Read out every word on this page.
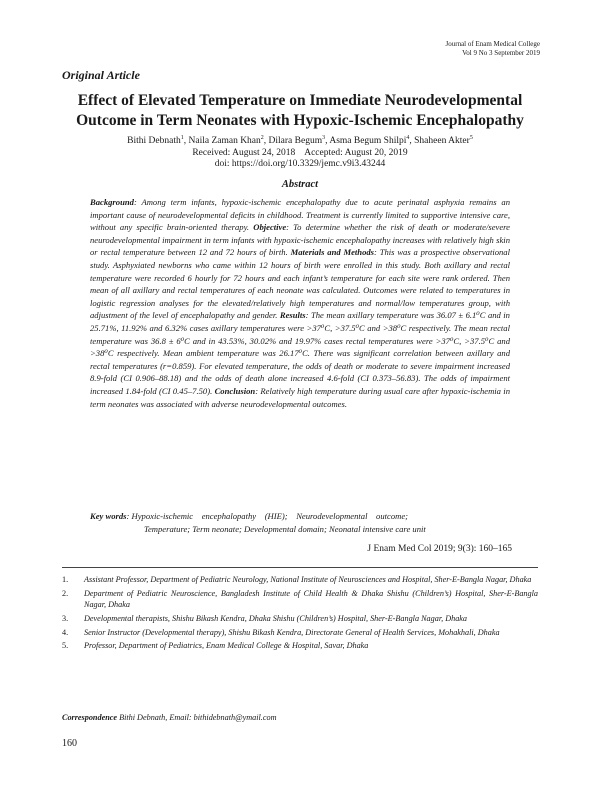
Journal of Enam Medical College
Vol 9 No 3 September 2019
Original Article
Effect of Elevated Temperature on Immediate Neurodevelopmental
Outcome in Term Neonates with Hypoxic-Ischemic Encephalopathy
Bithi Debnath$^1$, Naila Zaman Khan$^2$, Dilara Begum$^3$, Asma Begum Shilpi$^4$, Shaheen Akter$^5$
Received: August 24, 2018    Accepted: August 20, 2019
doi: https://doi.org/10.3329/jemc.v9i3.43244
Abstract

Background: Among term infants, hypoxic-ischemic encephalopathy due to acute perinatal asphyxia remains an important cause of neurodevelopmental deficits in childhood. Treatment is currently limited to supportive intensive care, without any specific brain-oriented therapy. Objective: To determine whether the risk of death or moderate/severe neurodevelopmental impairment in term infants with hypoxic-ischemic encephalopathy increases with relatively high skin or rectal temperature between 12 and 72 hours of birth. Materials and Methods: This was a prospective observational study. Asphyxiated newborns who came within 12 hours of birth were enrolled in this study. Both axillary and rectal temperature were recorded 6 hourly for 72 hours and each infant’s temperature for each site were rank ordered. Then mean of all axillary and rectal temperatures of each neonate was calculated. Outcomes were related to temperatures in logistic regression analyses for the elevated/relatively high temperatures and normal/low temperatures group, with adjustment of the level of encephalopathy and gender. Results: The mean axillary temperature was 36.07 ± 6.1⁰C and in 25.71%, 11.92% and 6.32% cases axillary temperatures were >37⁰C, >37.5⁰C and >38⁰C respectively. The mean rectal temperature was 36.8 ± 6⁰C and in 43.53%, 30.02% and 19.97% cases rectal temperatures were >37⁰C, >37.5⁰C and >38⁰C respectively. Mean ambient temperature was 26.17⁰C. There was significant correlation between axillary and rectal temperatures (r=0.859). For elevated temperature, the odds of death or moderate to severe impairment increased 8.9-fold (CI 0.906–88.18) and the odds of death alone increased 4.6-fold (CI 0.373–56.83). The odds of impairment increased 1.84-fold (CI 0.45–7.50). Conclusion: Relatively high temperature during usual care after hypoxic-ischemia in term neonates was associated with adverse neurodevelopmental outcomes.

Key words: Hypoxic-ischemic    encephalopathy    (HIE);    Neurodevelopmental    outcome;
Temperature; Term neonate; Developmental domain; Neonatal intensive care unit
J Enam Med Col 2019; 9(3): 160–165
1.	Assistant Professor, Department of Pediatric Neurology, National Institute of Neurosciences and Hospital, Sher-E-Bangla Nagar, Dhaka
2.	Department of Pediatric Neuroscience, Bangladesh Institute of Child Health & Dhaka Shishu (Children’s) Hospital, Sher-E-Bangla Nagar, Dhaka
3.	Developmental therapists, Shishu Bikash Kendra, Dhaka Shishu (Children’s) Hospital, Sher-E-Bangla Nagar, Dhaka
4.	Senior Instructor (Developmental therapy), Shishu Bikash Kendra, Directorate General of Health Services, Mohakhali, Dhaka
5.	Professor, Department of Pediatrics, Enam Medical College & Hospital, Savar, Dhaka
Correspondence Bithi Debnath, Email: bithidebnath@ymail.com
160
